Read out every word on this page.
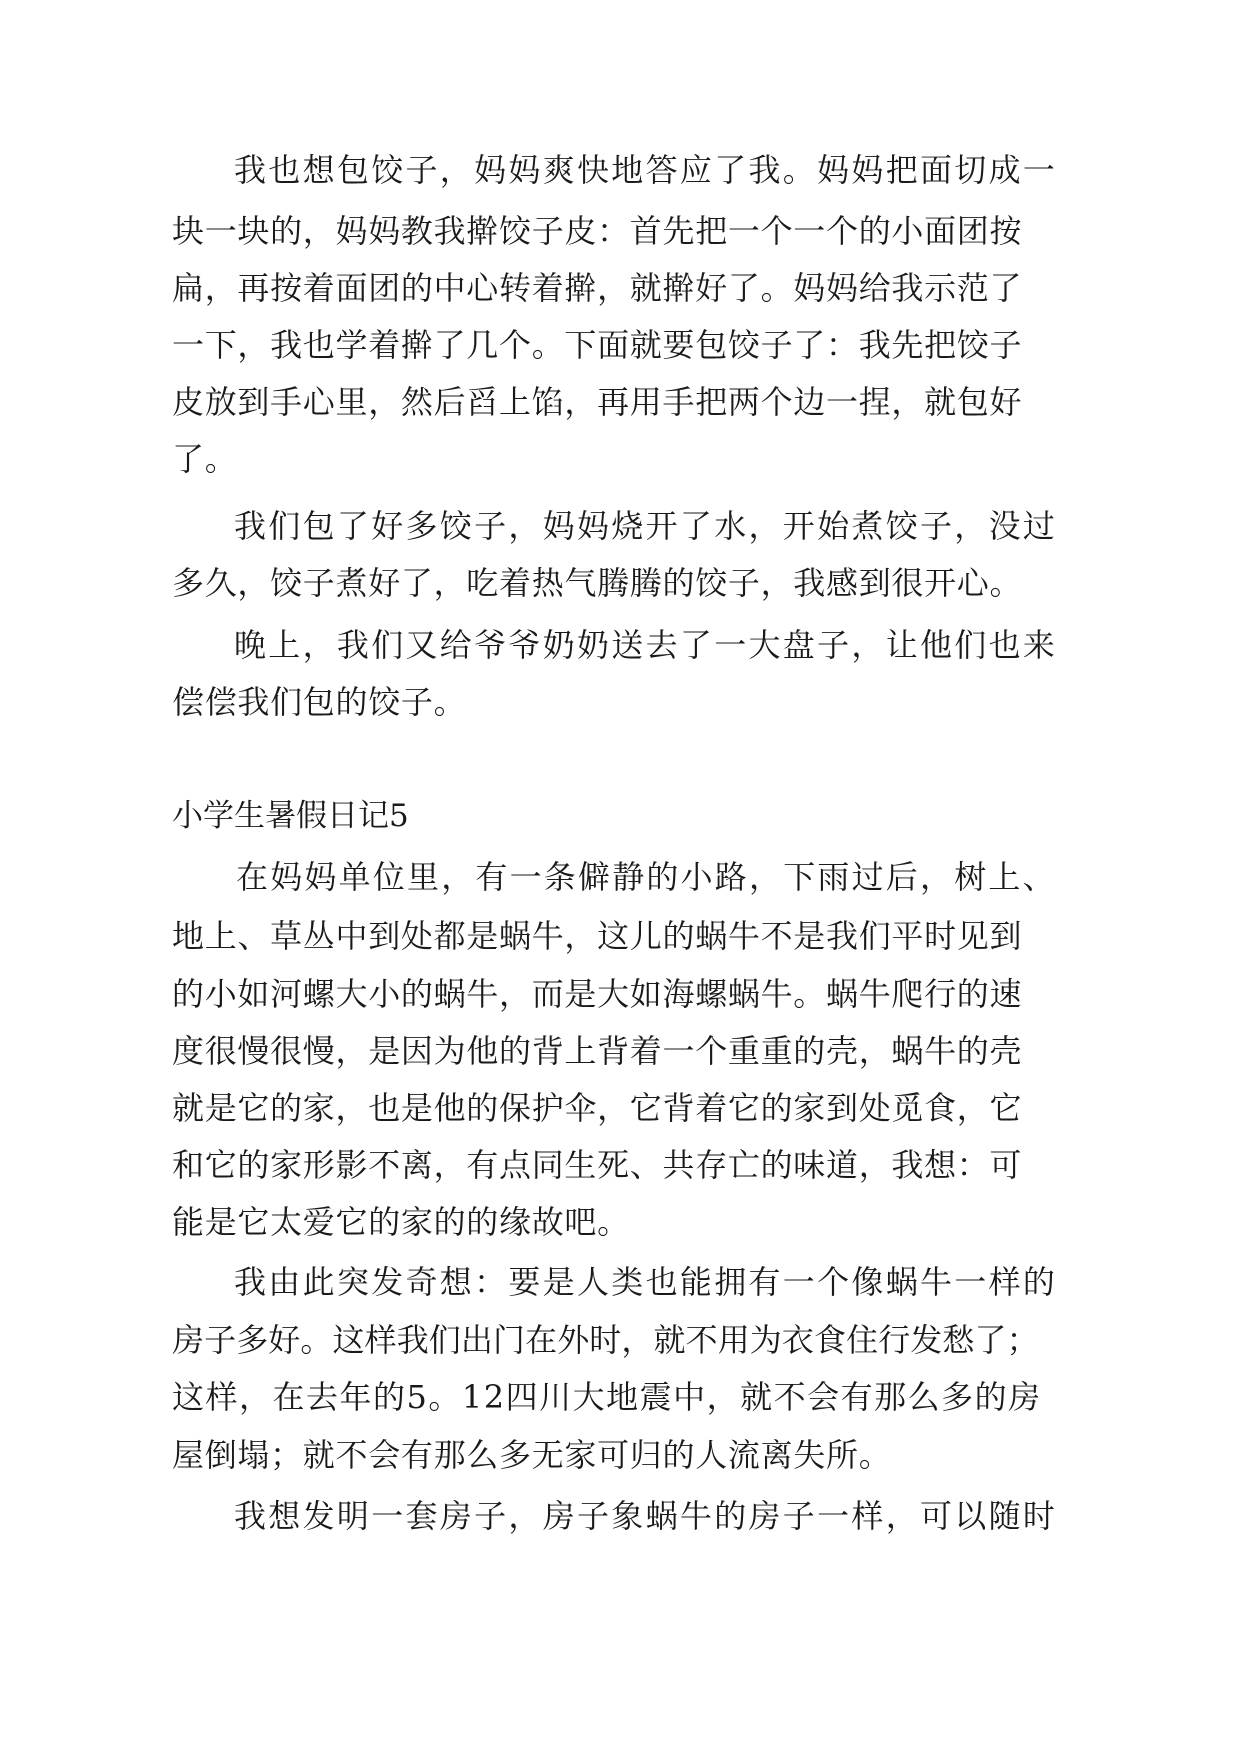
我也想包饺子，妈妈爽快地答应了我。妈妈把面切成一
块一块的，妈妈教我擀饺子皮：首先把一个一个的小面团按
扁，再按着面团的中心转着擀，就擀好了。妈妈给我示范了
一下，我也学着擀了几个。下面就要包饺子了：我先把饺子
皮放到手心里，然后舀上馅，再用手把两个边一捏，就包好
了。
我们包了好多饺子，妈妈烧开了水，开始煮饺子，没过
多久，饺子煮好了，吃着热气腾腾的饺子，我感到很开心。
晚上，我们又给爷爷奶奶送去了一大盘子，让他们也来
偿偿我们包的饺子。
小学生暑假日记5
在妈妈单位里，有一条僻静的小路，下雨过后，树上、
地上、草丛中到处都是蜗牛，这儿的蜗牛不是我们平时见到
的小如河螺大小的蜗牛，而是大如海螺蜗牛。蜗牛爬行的速
度很慢很慢，是因为他的背上背着一个重重的壳，蜗牛的壳
就是它的家，也是他的保护伞，它背着它的家到处觅食，它
和它的家形影不离，有点同生死、共存亡的味道，我想：可
能是它太爱它的家的的缘故吧。
我由此突发奇想：要是人类也能拥有一个像蜗牛一样的
房子多好。这样我们出门在外时，就不用为衣食住行发愁了；
这样，在去年的5。12四川大地震中，就不会有那么多的房
屋倒塌；就不会有那么多无家可归的人流离失所。
我想发明一套房子，房子象蜗牛的房子一样，可以随时
